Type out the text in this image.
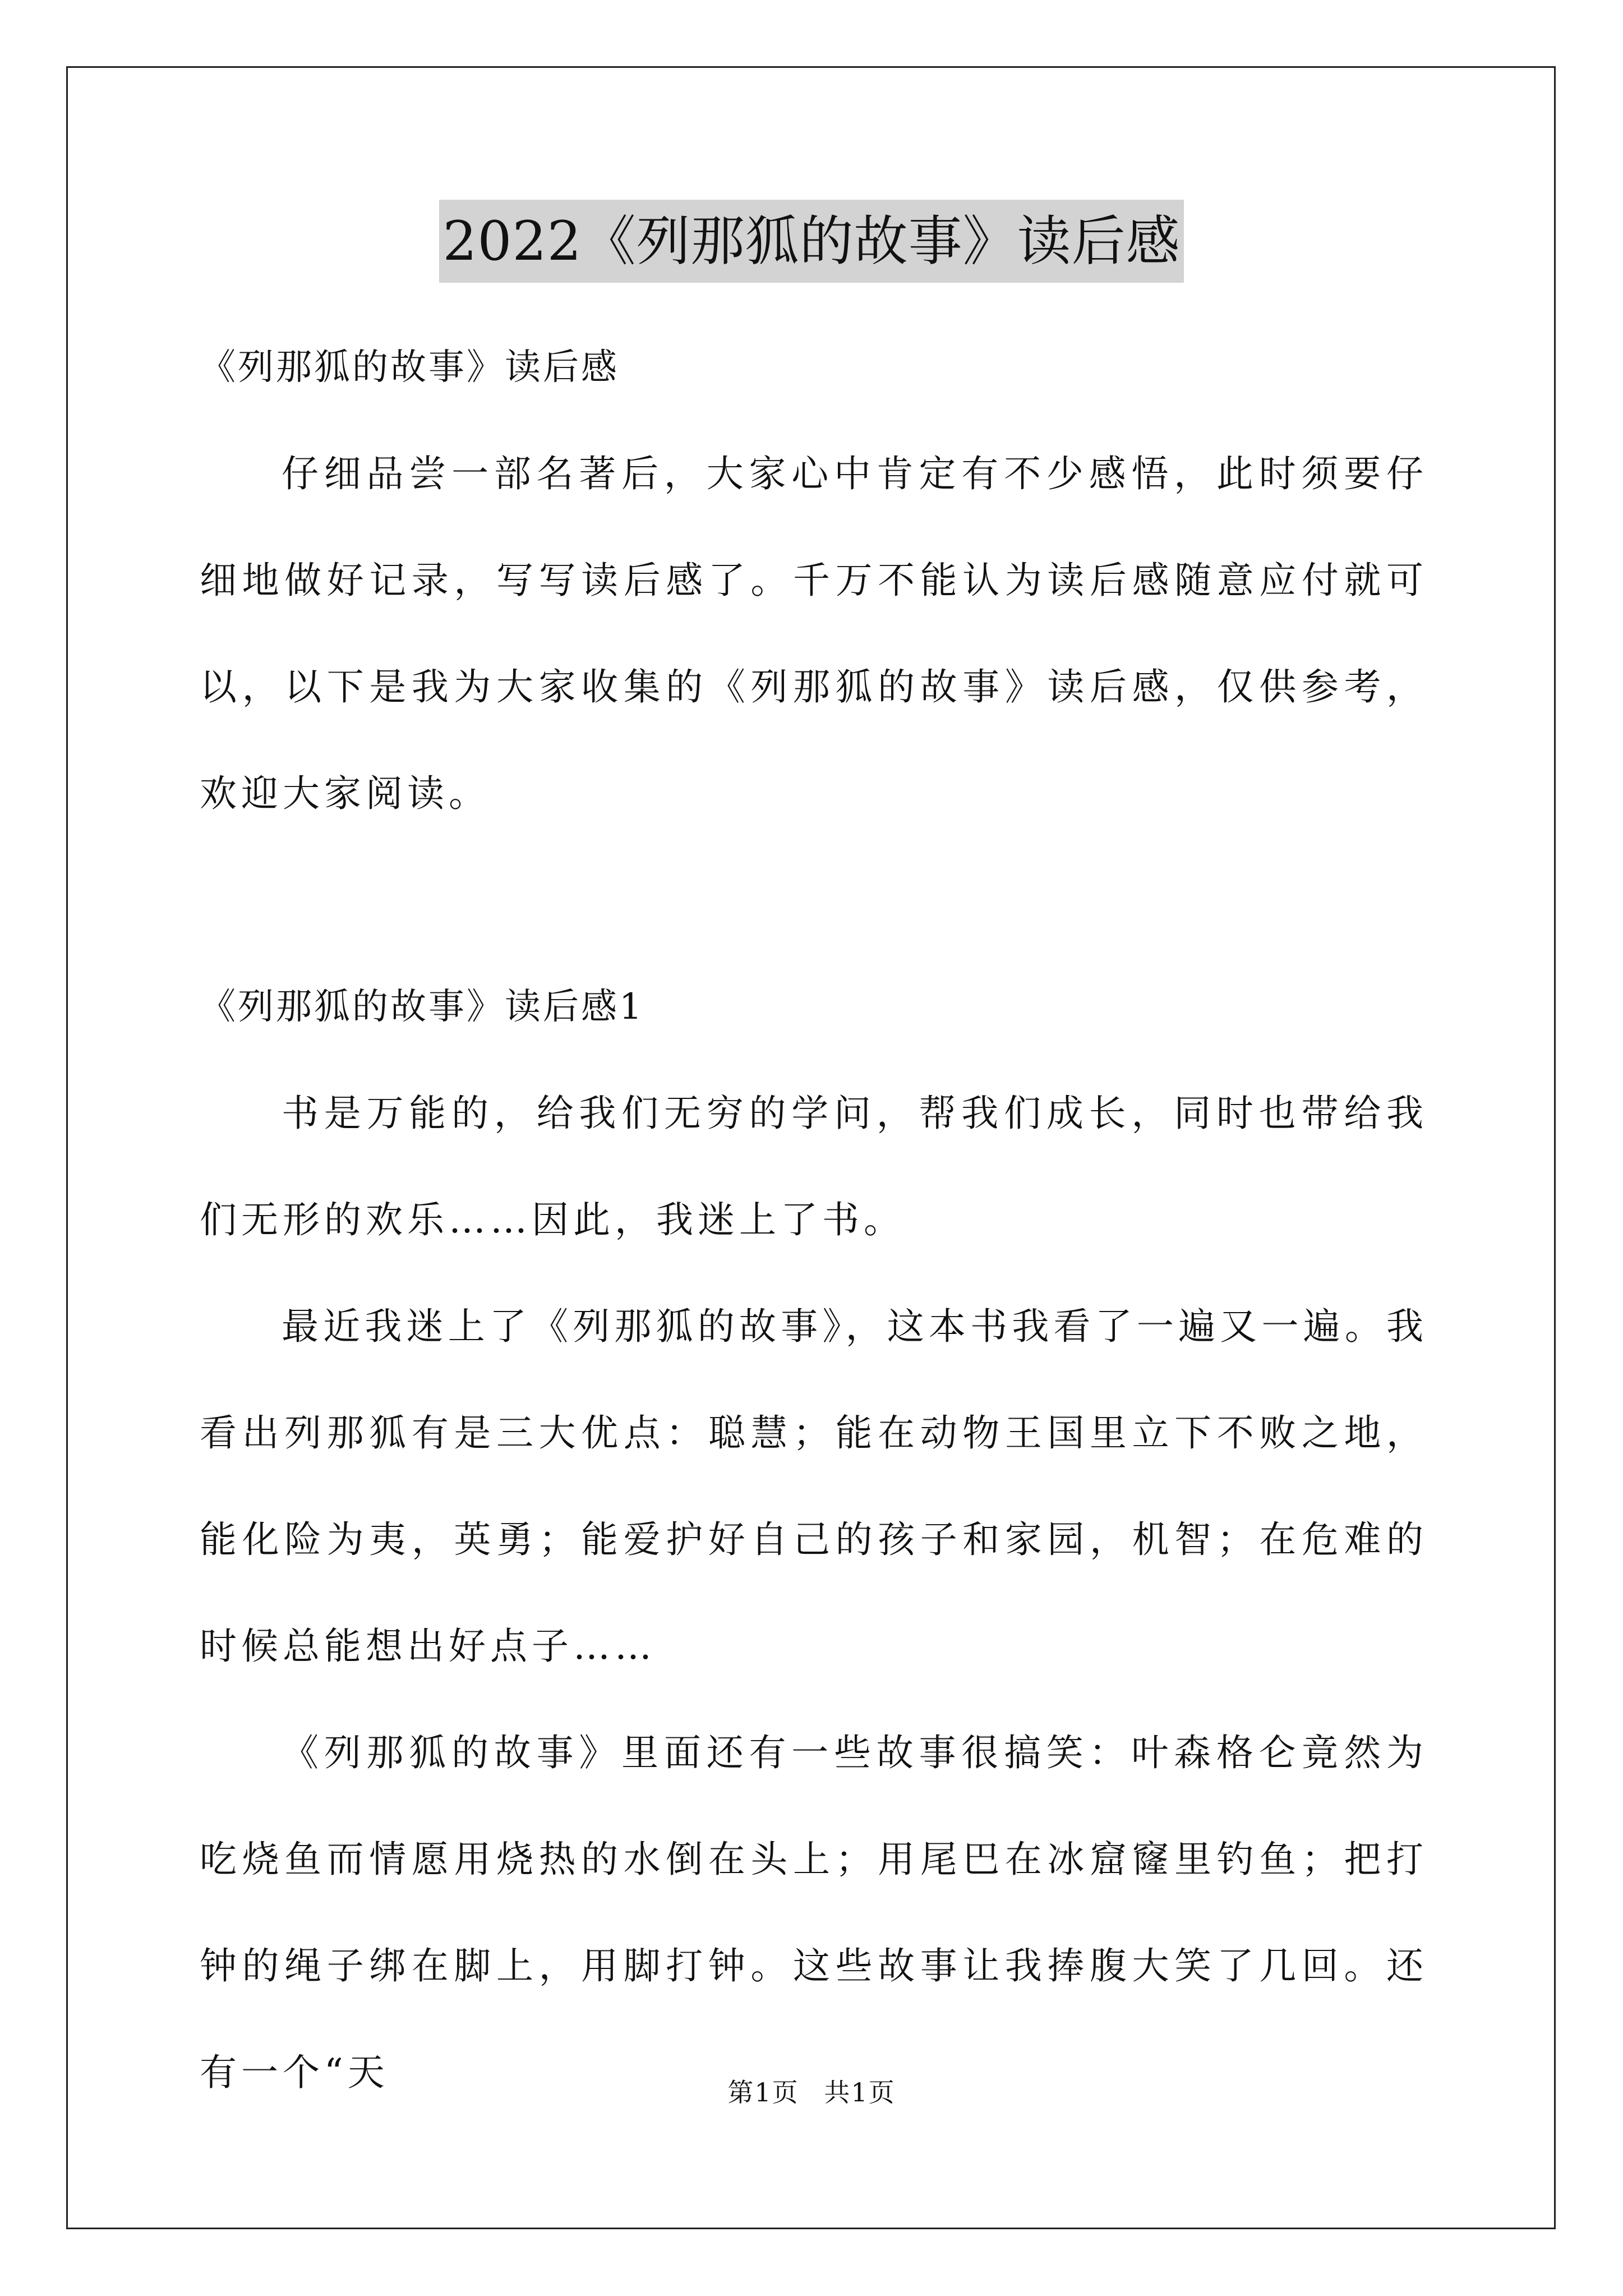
2022《列那狐的故事》读后感

《列那狐的故事》读后感

仔细品尝一部名著后，大家心中肯定有不少感悟，此时须要仔细地做好记录，写写读后感了。千万不能认为读后感随意应付就可以，以下是我为大家收集的《列那狐的故事》读后感，仅供参考，欢迎大家阅读。

《列那狐的故事》读后感1

书是万能的，给我们无穷的学问，帮我们成长，同时也带给我们无形的欢乐……因此，我迷上了书。

最近我迷上了《列那狐的故事》，这本书我看了一遍又一遍。我看出列那狐有是三大优点：聪慧；能在动物王国里立下不败之地，能化险为夷，英勇；能爱护好自己的孩子和家园，机智；在危难的时候总能想出好点子……

《列那狐的故事》里面还有一些故事很搞笑：叶森格仑竟然为吃烧鱼而情愿用烧热的水倒在头上；用尾巴在冰窟窿里钓鱼；把打钟的绳子绑在脚上，用脚打钟。这些故事让我捧腹大笑了几回。还有一个“天	第1页 共1页
